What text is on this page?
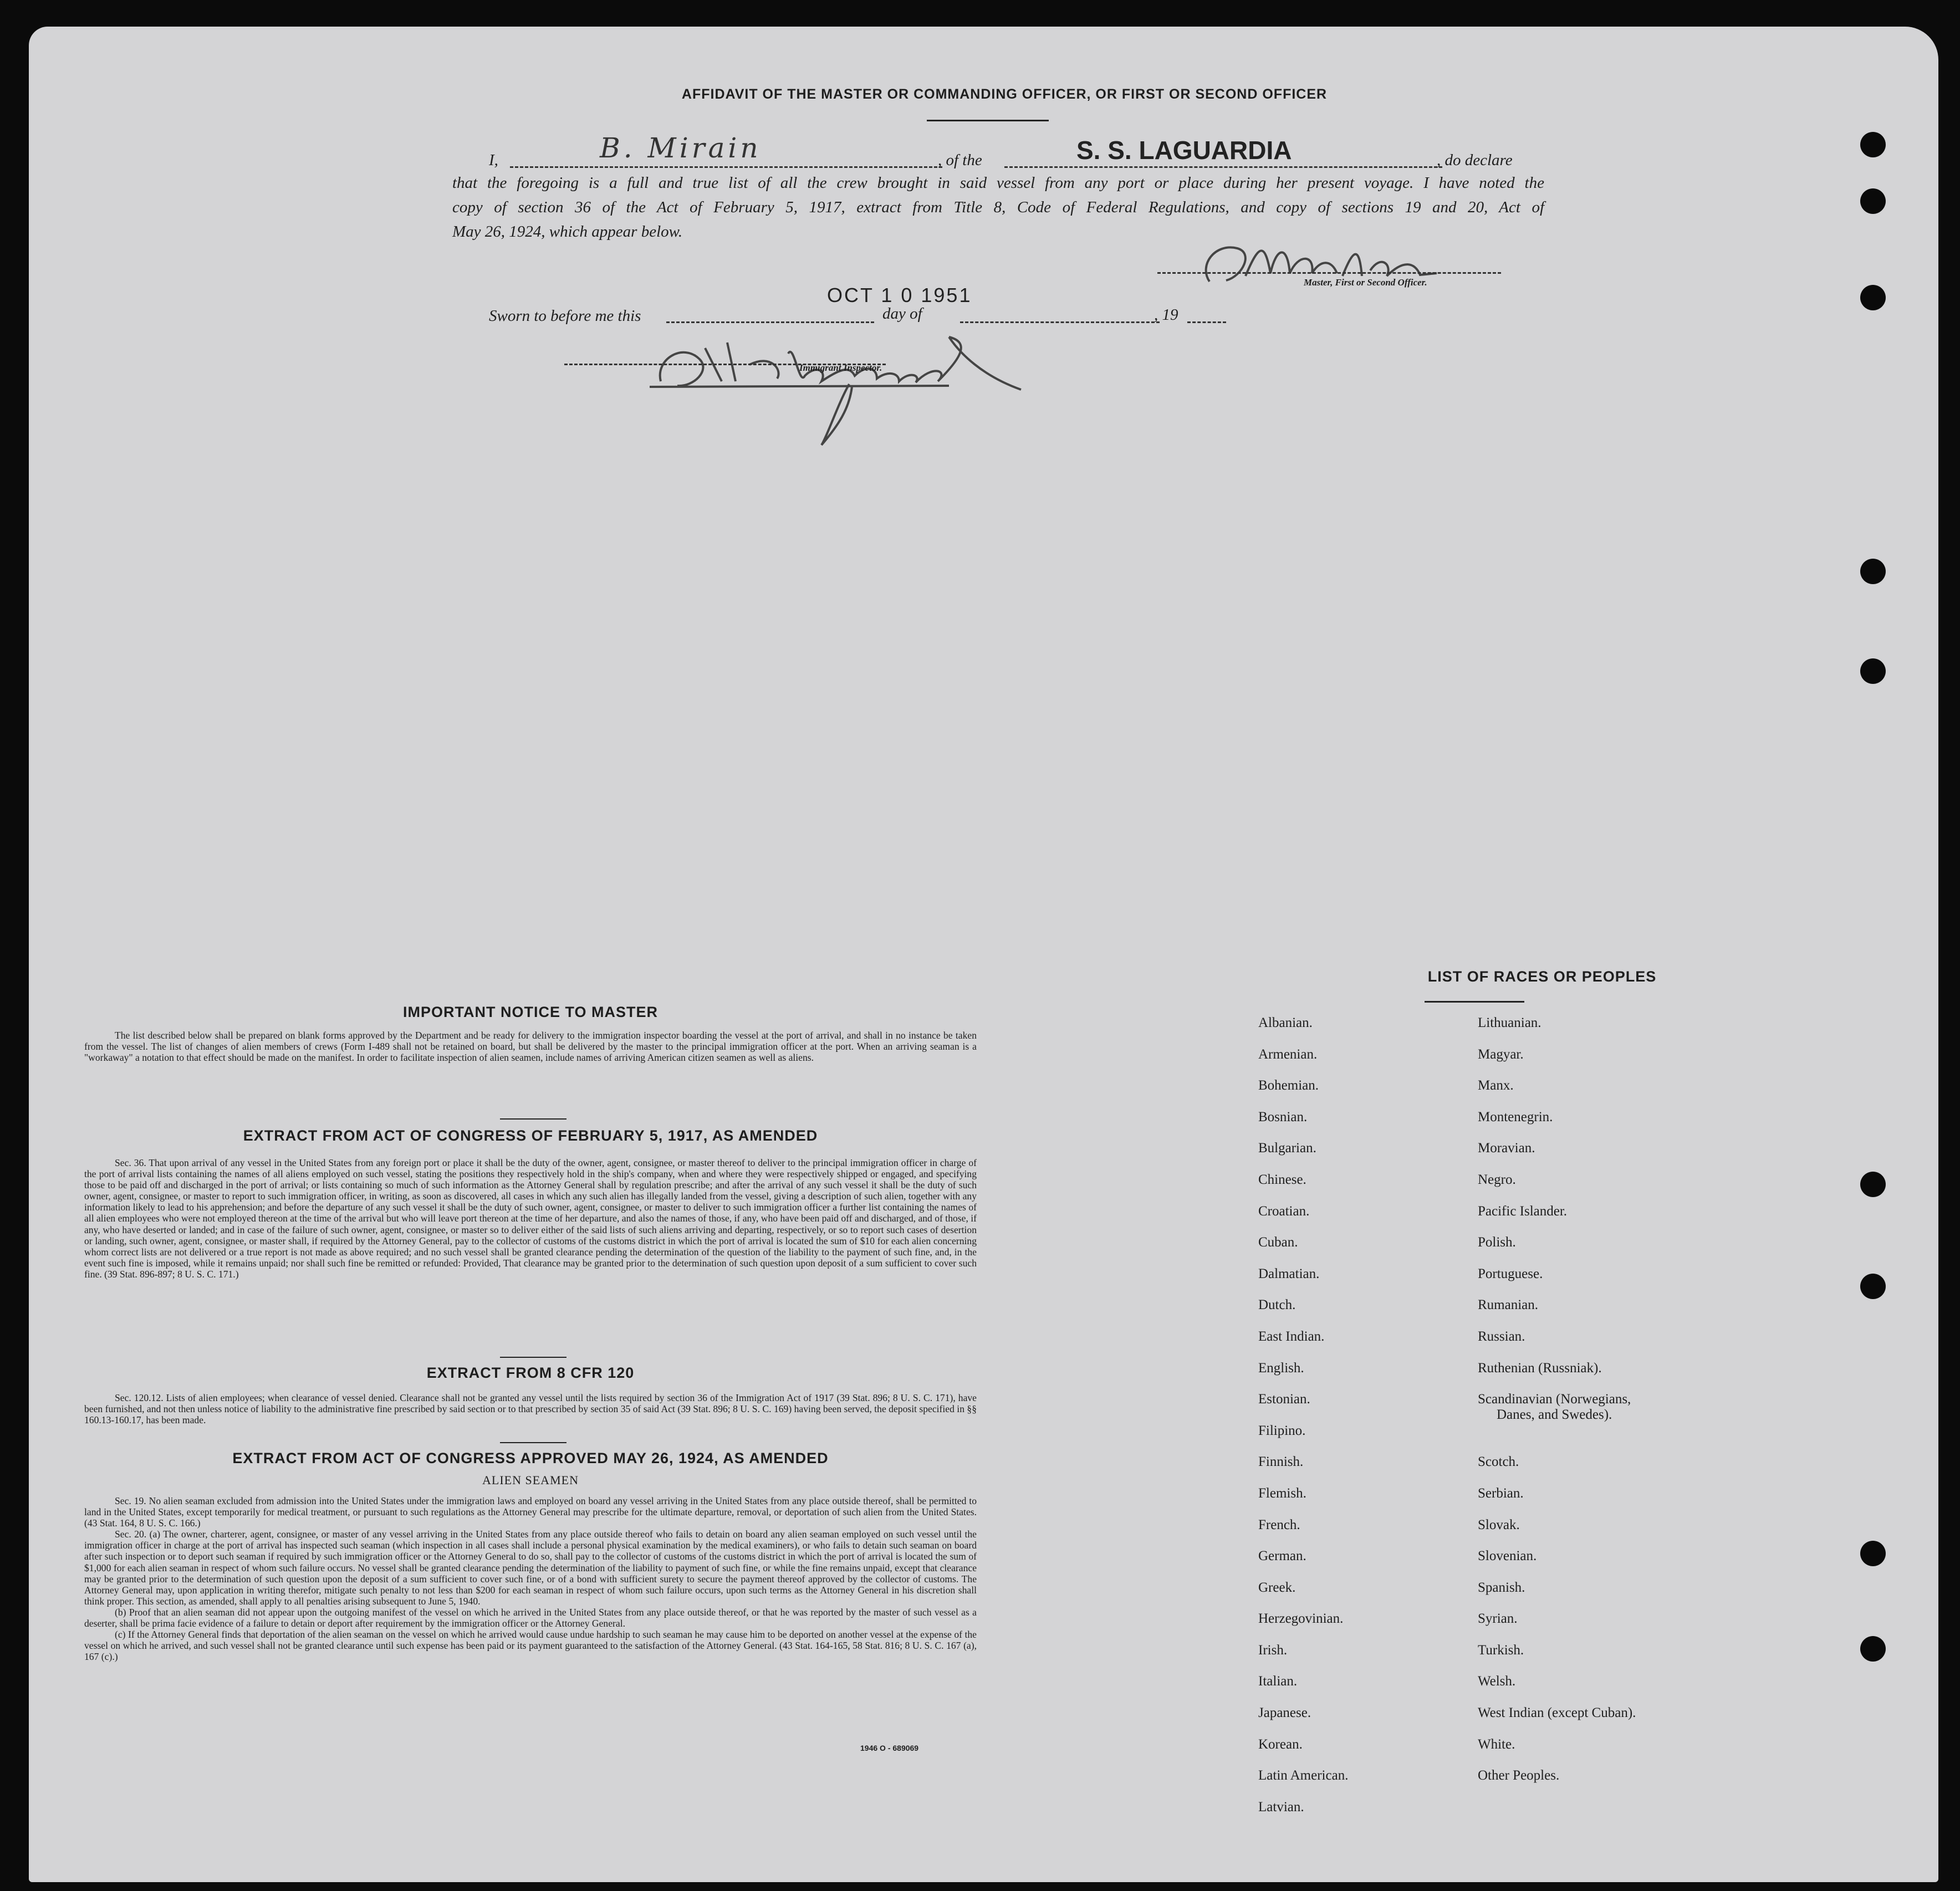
AFFIDAVIT OF THE MASTER OR COMMANDING OFFICER, OR FIRST OR SECOND OFFICER
I,	B. Mirain	, of the	S. S. LAGUARDIA	, do declare
that the foregoing is a full and true list of all the crew brought in said vessel from any port or place during her present voyage. I have noted the
copy of section 36 of the Act of February 5, 1917, extract from Title 8, Code of Federal Regulations, and copy of sections 19 and 20, Act of
May 26, 1924, which appear below.
Master, First or Second Officer.
Sworn to before me this
OCT 1 0 1951
day of	, 19
Immigrant Inspector.
IMPORTANT NOTICE TO MASTER

The list described below shall be prepared on blank forms approved by the Department and be ready for delivery to the immigration inspector boarding the vessel at the port of arrival, and shall in no instance be taken from the vessel. The list of changes of alien members of crews (Form I-489 shall not be retained on board, but shall be delivered by the master to the principal immigration officer at the port. When an arriving seaman is a "workaway" a notation to that effect should be made on the manifest. In order to facilitate inspection of alien seamen, include names of arriving American citizen seamen as well as aliens.

EXTRACT FROM ACT OF CONGRESS OF FEBRUARY 5, 1917, AS AMENDED

Sec. 36. That upon arrival of any vessel in the United States from any foreign port or place it shall be the duty of the owner, agent, consignee, or master thereof to deliver to the principal immigration officer in charge of the port of arrival lists containing the names of all aliens employed on such vessel, stating the positions they respectively hold in the ship's company, when and where they were respectively shipped or engaged, and specifying those to be paid off and discharged in the port of arrival; or lists containing so much of such information as the Attorney General shall by regulation prescribe; and after the arrival of any such vessel it shall be the duty of such owner, agent, consignee, or master to report to such immigration officer, in writing, as soon as discovered, all cases in which any such alien has illegally landed from the vessel, giving a description of such alien, together with any information likely to lead to his apprehension; and before the departure of any such vessel it shall be the duty of such owner, agent, consignee, or master to deliver to such immigration officer a further list containing the names of all alien employees who were not employed thereon at the time of the arrival but who will leave port thereon at the time of her departure, and also the names of those, if any, who have been paid off and discharged, and of those, if any, who have deserted or landed; and in case of the failure of such owner, agent, consignee, or master so to deliver either of the said lists of such aliens arriving and departing, respectively, or so to report such cases of desertion or landing, such owner, agent, consignee, or master shall, if required by the Attorney General, pay to the collector of customs of the customs district in which the port of arrival is located the sum of $10 for each alien concerning whom correct lists are not delivered or a true report is not made as above required; and no such vessel shall be granted clearance pending the determination of the question of the liability to the payment of such fine, and, in the event such fine is imposed, while it remains unpaid; nor shall such fine be remitted or refunded: Provided, That clearance may be granted prior to the determination of such question upon deposit of a sum sufficient to cover such fine. (39 Stat. 896-897; 8 U. S. C. 171.)

EXTRACT FROM 8 CFR 120

Sec. 120.12. Lists of alien employees; when clearance of vessel denied. Clearance shall not be granted any vessel until the lists required by section 36 of the Immigration Act of 1917 (39 Stat. 896; 8 U. S. C. 171), have been furnished, and not then unless notice of liability to the administrative fine prescribed by said section or to that prescribed by section 35 of said Act (39 Stat. 896; 8 U. S. C. 169) having been served, the deposit specified in §§ 160.13-160.17, has been made.

EXTRACT FROM ACT OF CONGRESS APPROVED MAY 26, 1924, AS AMENDED
ALIEN SEAMEN

Sec. 19. No alien seaman excluded from admission into the United States under the immigration laws and employed on board any vessel arriving in the United States from any place outside thereof, shall be permitted to land in the United States, except temporarily for medical treatment, or pursuant to such regulations as the Attorney General may prescribe for the ultimate departure, removal, or deportation of such alien from the United States. (43 Stat. 164, 8 U. S. C. 166.)

Sec. 20. (a) The owner, charterer, agent, consignee, or master of any vessel arriving in the United States from any place outside thereof who fails to detain on board any alien seaman employed on such vessel until the immigration officer in charge at the port of arrival has inspected such seaman (which inspection in all cases shall include a personal physical examination by the medical examiners), or who fails to detain such seaman on board after such inspection or to deport such seaman if required by such immigration officer or the Attorney General to do so, shall pay to the collector of customs of the customs district in which the port of arrival is located the sum of $1,000 for each alien seaman in respect of whom such failure occurs. No vessel shall be granted clearance pending the determination of the liability to payment of such fine, or while the fine remains unpaid, except that clearance may be granted prior to the determination of such question upon the deposit of a sum sufficient to cover such fine, or of a bond with sufficient surety to secure the payment thereof approved by the collector of customs. The Attorney General may, upon application in writing therefor, mitigate such penalty to not less than $200 for each seaman in respect of whom such failure occurs, upon such terms as the Attorney General in his discretion shall think proper. This section, as amended, shall apply to all penalties arising subsequent to June 5, 1940.

(b) Proof that an alien seaman did not appear upon the outgoing manifest of the vessel on which he arrived in the United States from any place outside thereof, or that he was reported by the master of such vessel as a deserter, shall be prima facie evidence of a failure to detain or deport after requirement by the immigration officer or the Attorney General.

(c) If the Attorney General finds that deportation of the alien seaman on the vessel on which he arrived would cause undue hardship to such seaman he may cause him to be deported on another vessel at the expense of the vessel on which he arrived, and such vessel shall not be granted clearance until such expense has been paid or its payment guaranteed to the satisfaction of the Attorney General. (43 Stat. 164-165, 58 Stat. 816; 8 U. S. C. 167 (a), 167 (c).)

1946 O - 689069
LIST OF RACES OR PEOPLES
Albanian.
Armenian.
Bohemian.
Bosnian.
Bulgarian.
Chinese.
Croatian.
Cuban.
Dalmatian.
Dutch.
East Indian.
English.
Estonian.
Filipino.
Finnish.
Flemish.
French.
German.
Greek.
Herzegovinian.
Irish.
Italian.
Japanese.
Korean.
Latin American.
Latvian.
Lithuanian.
Magyar.
Manx.
Montenegrin.
Moravian.
Negro.
Pacific Islander.
Polish.
Portuguese.
Rumanian.
Russian.
Ruthenian (Russniak).
Scandinavian (Norwegians,
Danes, and Swedes).
Scotch.
Serbian.
Slovak.
Slovenian.
Spanish.
Syrian.
Turkish.
Welsh.
West Indian (except Cuban).
White.
Other Peoples.
